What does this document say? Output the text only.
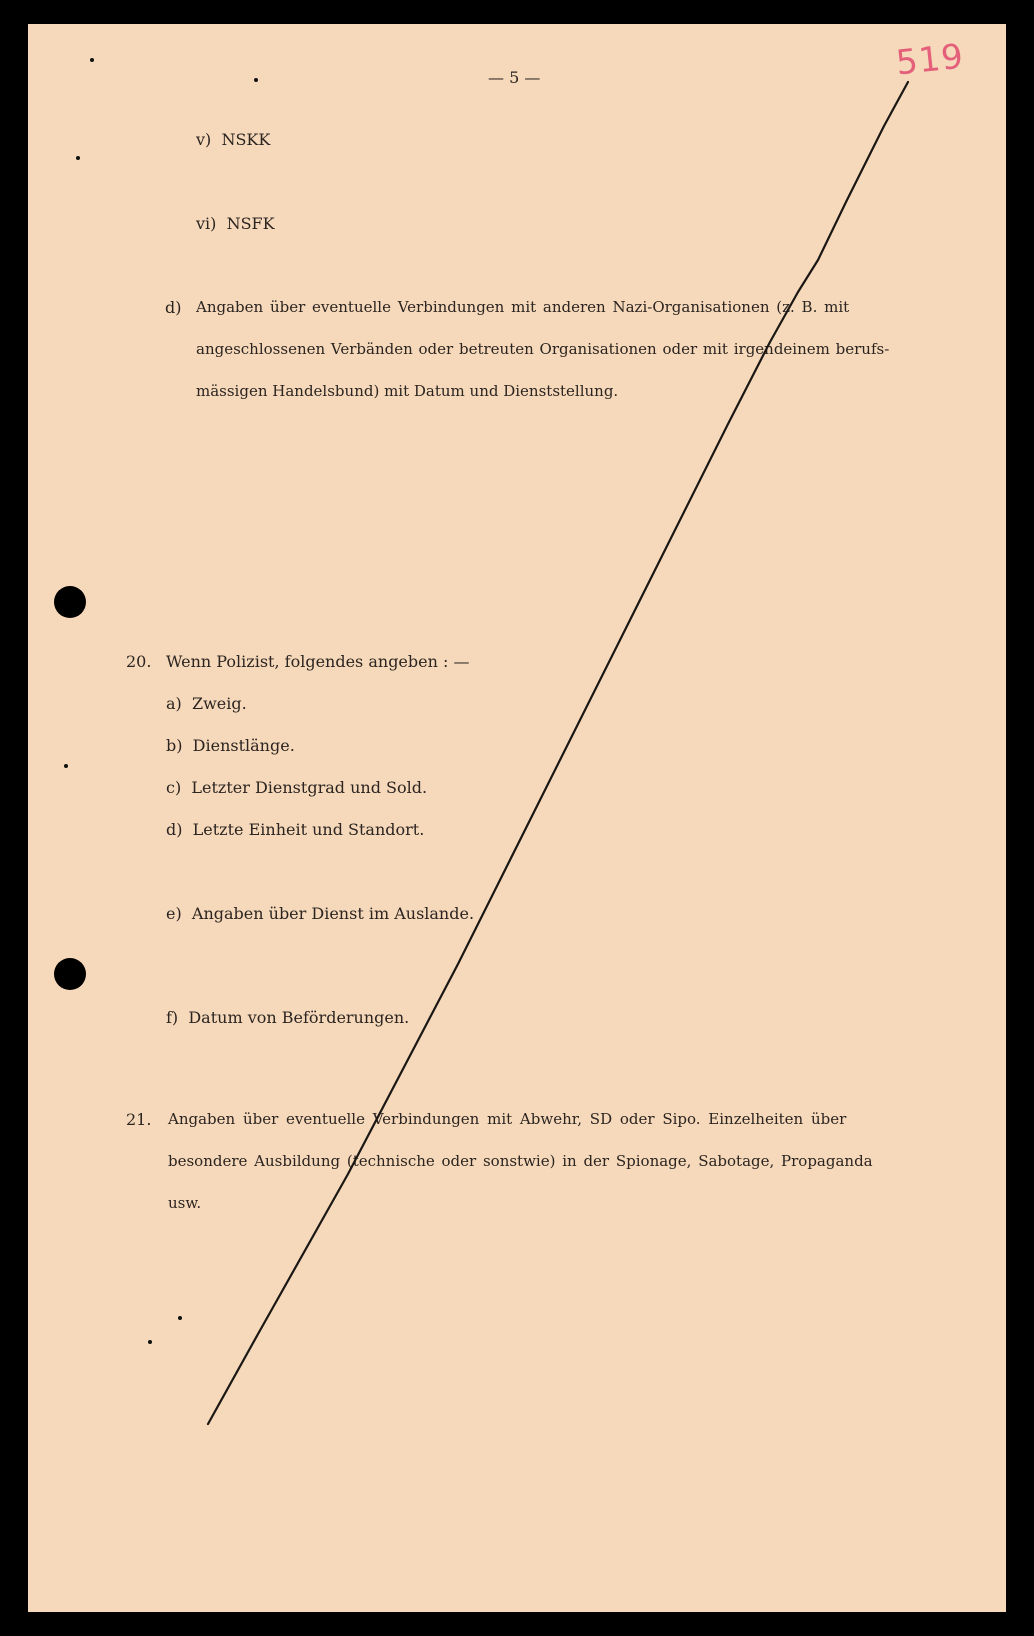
— 5 —	519
v) NSKK
vi) NSFK
d) Angaben über eventuelle Verbindungen mit anderen Nazi-Organisationen (z. B. mit
angeschlossenen Verbänden oder betreuten Organisationen oder mit irgendeinem berufs-
mässigen Handelsbund) mit Datum und Dienststellung.
20. Wenn Polizist, folgendes angeben : —
a) Zweig.
b) Dienstlänge.
c) Letzter Dienstgrad und Sold.
d) Letzte Einheit und Standort.
e) Angaben über Dienst im Auslande.
f) Datum von Beförderungen.
21. Angaben über eventuelle Verbindungen mit Abwehr, SD oder Sipo. Einzelheiten über
besondere Ausbildung (technische oder sonstwie) in der Spionage, Sabotage, Propaganda
usw.
